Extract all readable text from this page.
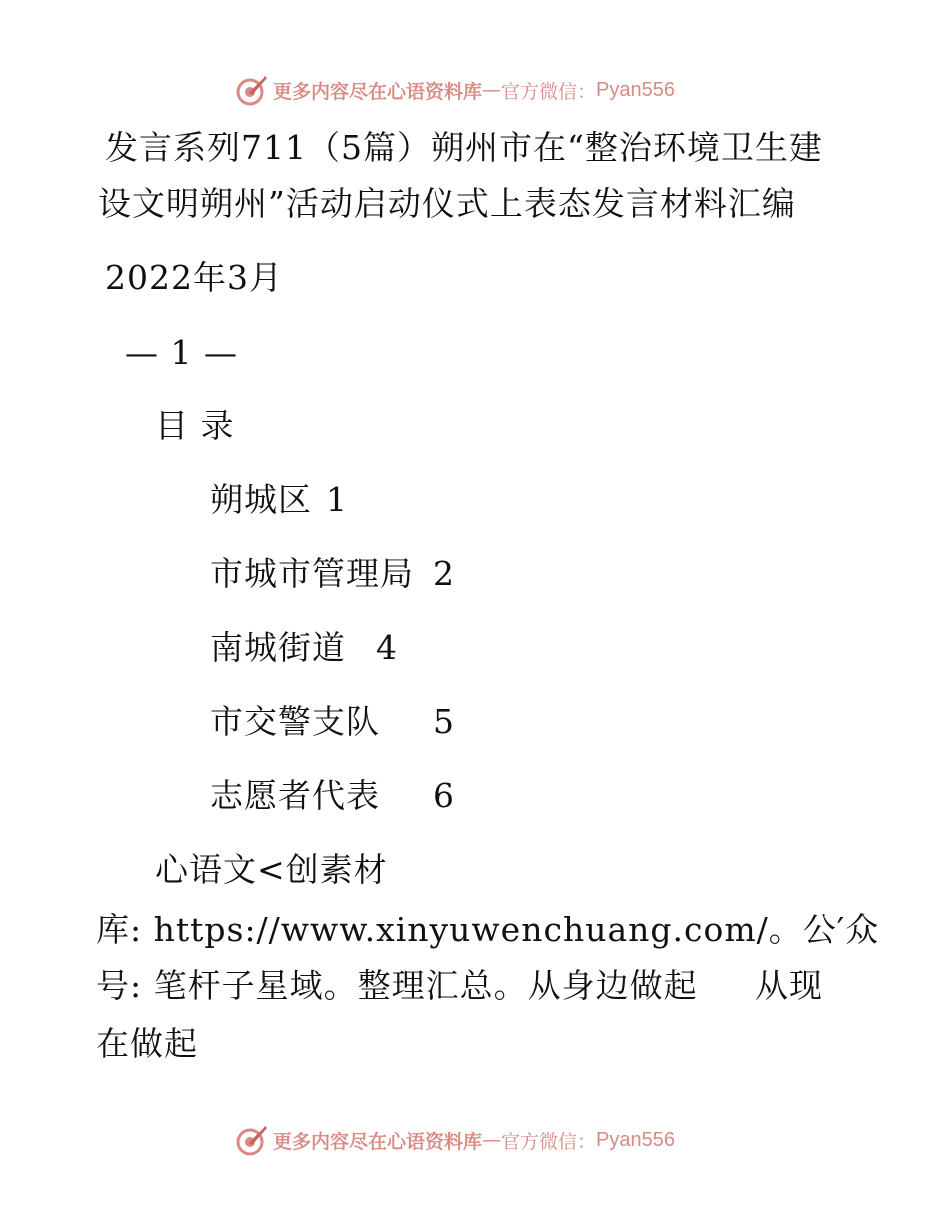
更多内容尽在心语资料库 — 官方微信： Pyan556
发言系列711（5篇）朔州市在“整治环境卫生建
设文明朔州”活动启动仪式上表态发言材料汇编
2022年3月
— 1 —
目 录
朔城区 1
市城市管理局 2
南城街道 4
市交警支队 5
志愿者代表 6
心语文<创素材
库: https://www.xinyuwenchuang.com/。公′众
号: 笔杆子星域。整理汇总。从身边做起     从现
在做起
更多内容尽在心语资料库 — 官方微信： Pyan556
